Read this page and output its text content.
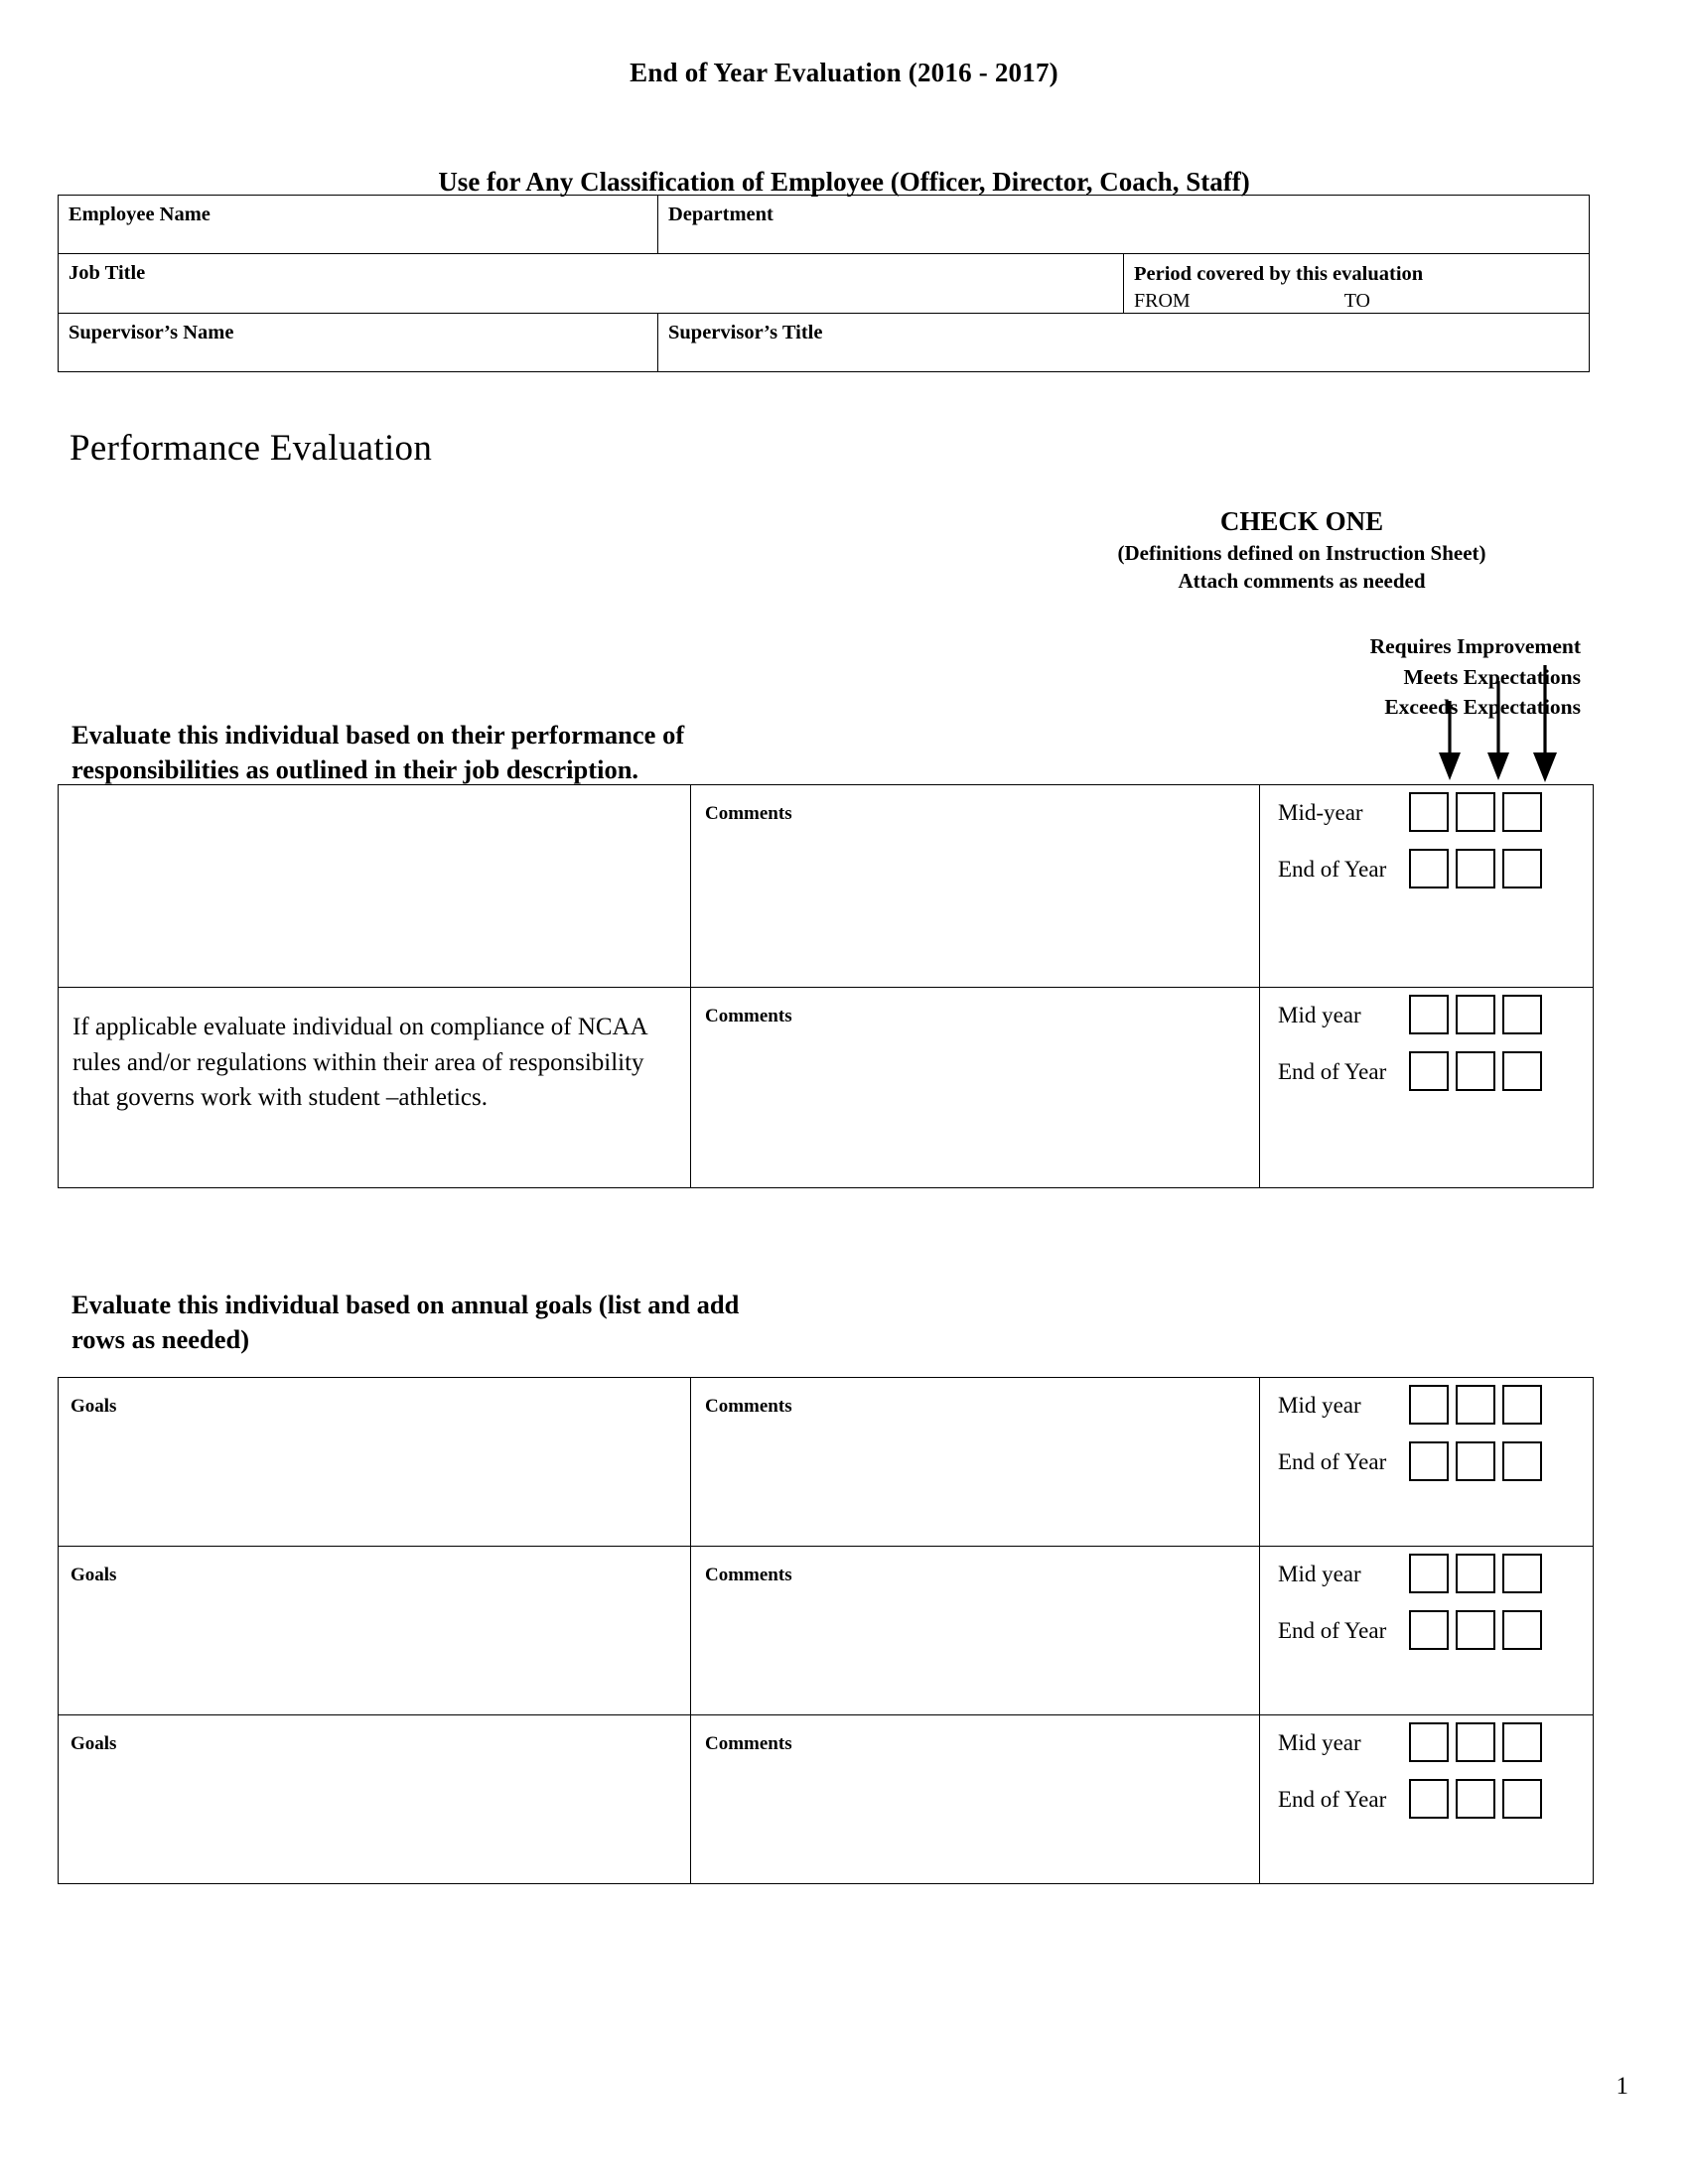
End of Year Evaluation (2016 - 2017)
Use for Any Classification of Employee (Officer, Director, Coach, Staff)
Employee Name	Department	
Job Title		Period covered by this evaluation
FROM TO

Supervisor’s Name	Supervisor’s Title	
Performance Evaluation
CHECK ONE
(Definitions defined on Instruction Sheet)
Attach comments as needed
Requires Improvement
Meets Expectations
Exceeds Expectations
Evaluate this individual based on their performance of responsibilities as outlined in their job description.

	Comments	Mid-year
End of Year

If applicable evaluate individual on compliance of NCAA rules and/or regulations within their area of responsibility that governs work with student –athletics.	Comments	Mid year
End of Year
Evaluate this individual based on annual goals (list and add rows as needed)
Goals	Comments	Mid year
End of Year

Goals	Comments	Mid year
End of Year

Goals	Comments	Mid year
End of Year
1
